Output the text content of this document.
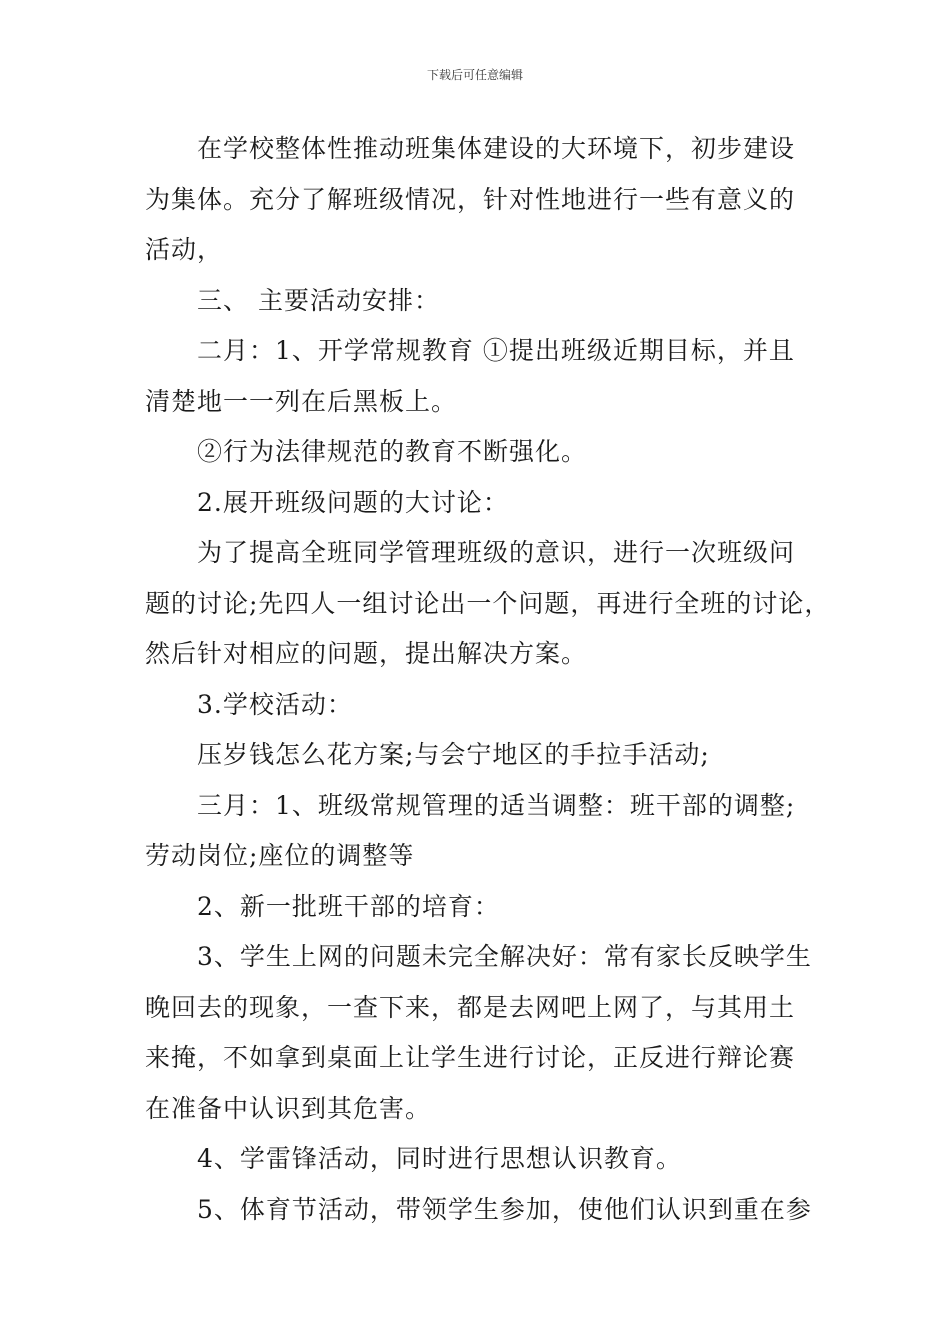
下载后可任意编辑
在学校整体性推动班集体建设的大环境下，初步建设
为集体。充分了解班级情况，针对性地进行一些有意义的
活动，
三、 主要活动安排：
二月：1、开学常规教育 ①提出班级近期目标，并且
清楚地一一列在后黑板上。
②行为法律规范的教育不断强化。
2.展开班级问题的大讨论：
为了提高全班同学管理班级的意识，进行一次班级问
题的讨论;先四人一组讨论出一个问题，再进行全班的讨论，
然后针对相应的问题，提出解决方案。
3.学校活动：
压岁钱怎么花方案;与会宁地区的手拉手活动;
三月：1、班级常规管理的适当调整：班干部的调整;
劳动岗位;座位的调整等
2、新一批班干部的培育：
3、学生上网的问题未完全解决好：常有家长反映学生
晚回去的现象，一查下来，都是去网吧上网了，与其用土
来掩，不如拿到桌面上让学生进行讨论，正反进行辩论赛
在准备中认识到其危害。
4、学雷锋活动，同时进行思想认识教育。
5、体育节活动，带领学生参加，使他们认识到重在参
